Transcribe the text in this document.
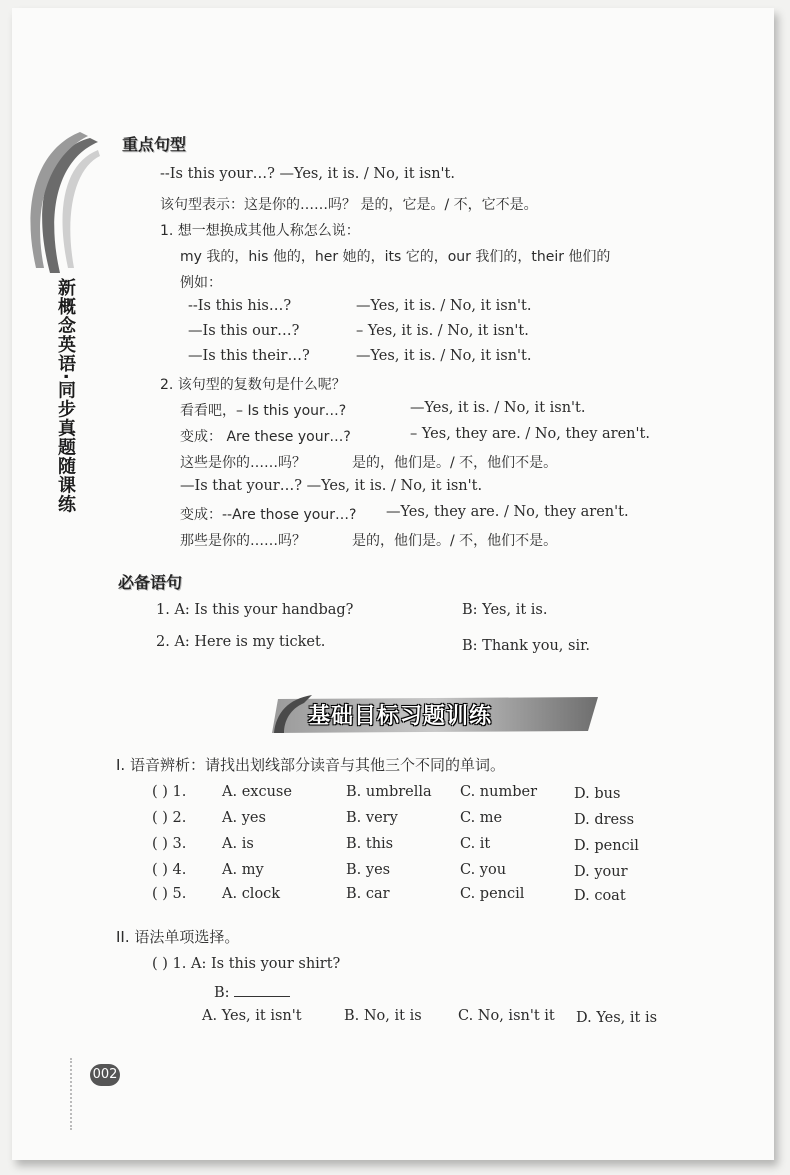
新概念英语·同步真题随课练
重点句型
--Is this your…? —Yes, it is. / No, it isn't.
该句型表示：这是你的……吗？ 是的，它是。/ 不，它不是。
1. 想一想换成其他人称怎么说：
my 我的，his 他的，her 她的，its 它的，our 我们的，their 他们的
例如：
--Is this his…?	—Yes, it is. / No, it isn't.
—Is this our…?	– Yes, it is. / No, it isn't.
—Is this their…?	—Yes, it is. / No, it isn't.
2. 该句型的复数句是什么呢？
看看吧，– Is this your…?	—Yes, it is. / No, it isn't.
变成： Are these your…?	– Yes, they are. / No, they aren't.
这些是你的……吗？	是的，他们是。/ 不，他们不是。
—Is that your…? —Yes, it is. / No, it isn't.
变成：--Are those your…? —Yes, they are. / No, they aren't.
那些是你的……吗？	是的，他们是。/ 不，他们不是。
必备语句
1. A: Is this your handbag?	B: Yes, it is.
2. A: Here is my ticket.	B: Thank you, sir.
基础目标习题训练
I. 语音辨析：请找出划线部分读音与其他三个不同的单词。
( ) 1. A. excuse	B. umbrella C. number	D. bus
( ) 2. A. yes	B. very	C. me	D. dress
( ) 3. A. is	B. this	C. it	D. pencil
( ) 4. A. my	B. yes	C. you	D. your
( ) 5. A. clock	B. car	C. pencil	D. coat
II. 语法单项选择。
( ) 1. A: Is this your shirt?
B:
A. Yes, it isn't	B. No, it is	C. No, isn't it D. Yes, it is
002
